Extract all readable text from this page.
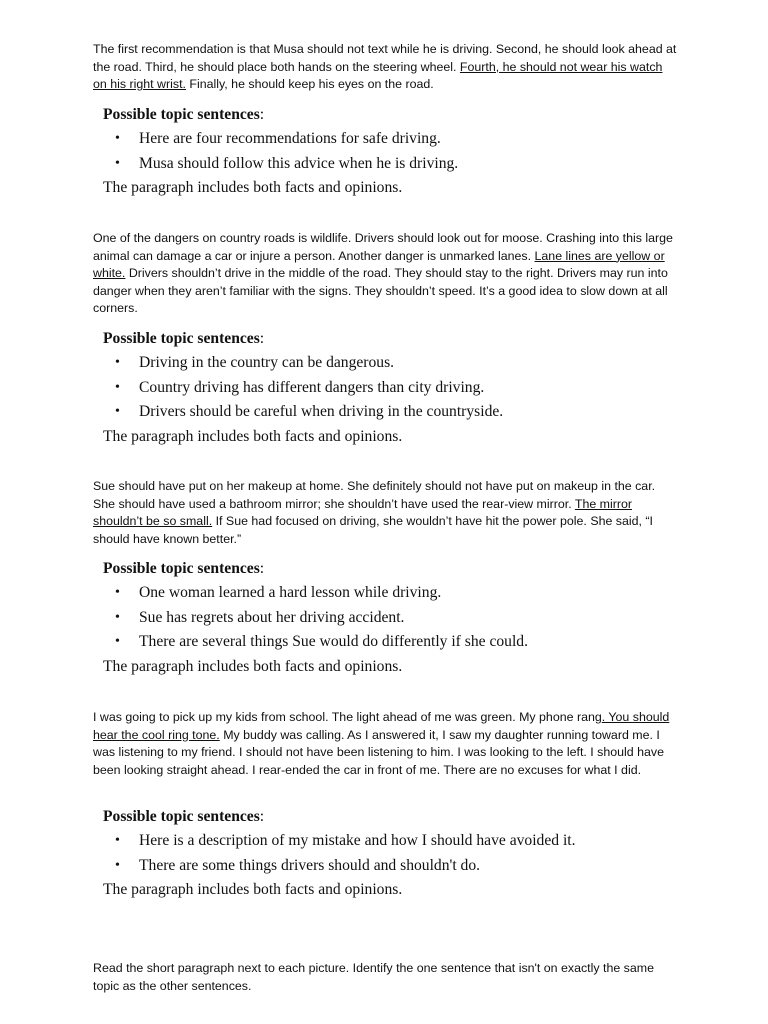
The first recommendation is that Musa should not text while he is driving. Second, he should look ahead at the road. Third, he should place both hands on the steering wheel. Fourth, he should not wear his watch on his right wrist. Finally, he should keep his eyes on the road.

Possible topic sentences:
• Here are four recommendations for safe driving.
• Musa should follow this advice when he is driving.
The paragraph includes both facts and opinions.

One of the dangers on country roads is wildlife. Drivers should look out for moose. Crashing into this large animal can damage a car or injure a person. Another danger is unmarked lanes. Lane lines are yellow or white. Drivers shouldn’t drive in the middle of the road. They should stay to the right. Drivers may run into danger when they aren’t familiar with the signs. They shouldn’t speed. It’s a good idea to slow down at all corners.

Possible topic sentences:
• Driving in the country can be dangerous.
• Country driving has different dangers than city driving.
• Drivers should be careful when driving in the countryside.
The paragraph includes both facts and opinions.

Sue should have put on her makeup at home. She definitely should not have put on makeup in the car. She should have used a bathroom mirror; she shouldn’t have used the rear-view mirror. The mirror shouldn’t be so small. If Sue had focused on driving, she wouldn’t have hit the power pole. She said, “I should have known better.”

Possible topic sentences:
• One woman learned a hard lesson while driving.
• Sue has regrets about her driving accident.
• There are several things Sue would do differently if she could.
The paragraph includes both facts and opinions.

I was going to pick up my kids from school. The light ahead of me was green. My phone rang. You should hear the cool ring tone. My buddy was calling. As I answered it, I saw my daughter running toward me. I was listening to my friend. I should not have been listening to him. I was looking to the left. I should have been looking straight ahead. I rear-ended the car in front of me. There are no excuses for what I did.

Possible topic sentences:
• Here is a description of my mistake and how I should have avoided it.
• There are some things drivers should and shouldn't do.
The paragraph includes both facts and opinions.

Read the short paragraph next to each picture. Identify the one sentence that isn't on exactly the same topic as the other sentences.
